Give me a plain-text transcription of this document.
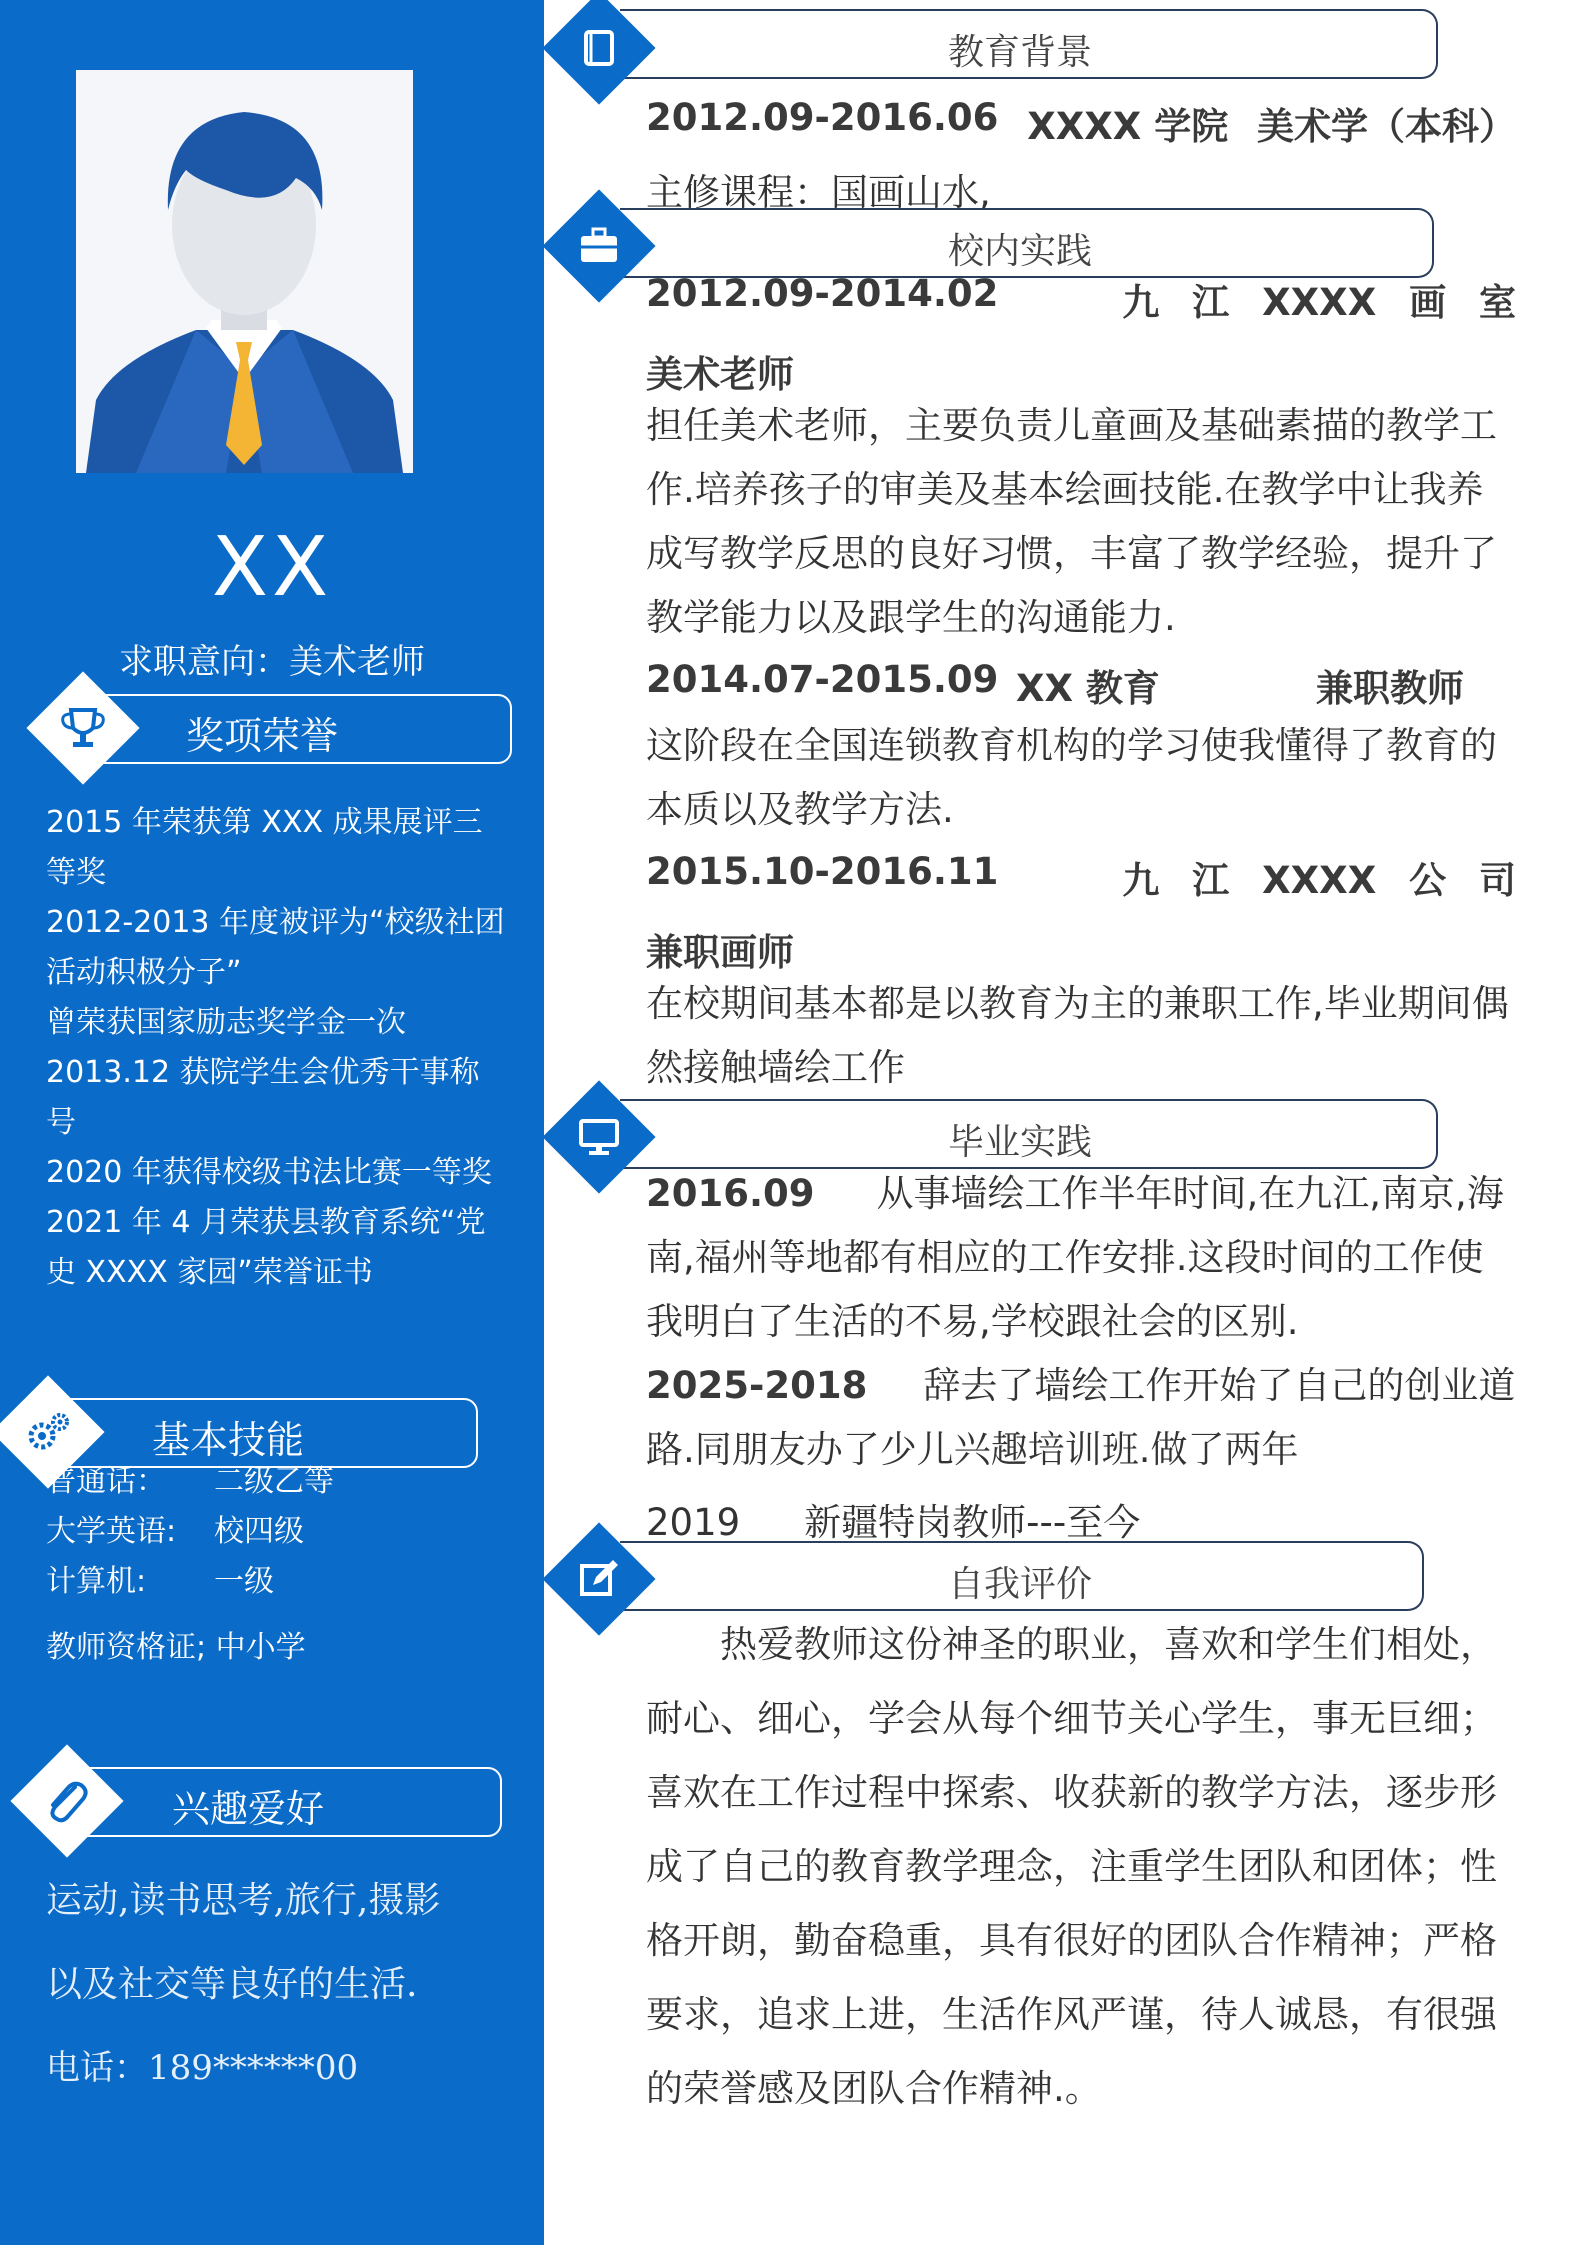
XX
求职意向：美术老师
奖项荣誉
2015 年荣获第 XXX 成果展评三等奖
2012-2013 年度被评为“校级社团活动积极分子”
曾荣获国家励志奖学金一次
2013.12 获院学生会优秀干事称号
2020 年获得校级书法比赛一等奖
2021 年 4 月荣获县教育系统“党史 XXXX 家园”荣誉证书
基本技能
普通话： 二级乙等
大学英语: 校四级
计算机: 一级
教师资格证; 中小学
兴趣爱好
运动,读书思考,旅行,摄影
以及社交等良好的生活.
电话：189******00
教育背景
2012.09-2016.06 XXXX 学院 美术学（本科）
主修课程：国画山水,
校内实践
2012.09-2014.02	九 江 XXXX 画 室
美术老师
担任美术老师，主要负责儿童画及基础素描的教学工作.培养孩子的审美及基本绘画技能.在教学中让我养成写教学反思的良好习惯，丰富了教学经验，提升了教学能力以及跟学生的沟通能力.
2014.07-2015.09 XX 教育	兼职教师
这阶段在全国连锁教育机构的学习使我懂得了教育的本质以及教学方法.
2015.10-2016.11	九 江 XXXX 公 司
兼职画师
在校期间基本都是以教育为主的兼职工作,毕业期间偶然接触墙绘工作
毕业实践
2016.09 从事墙绘工作半年时间,在九江,南京,海南,福州等地都有相应的工作安排.这段时间的工作使我明白了生活的不易,学校跟社会的区别.
2025-2018 辞去了墙绘工作开始了自己的创业道路.同朋友办了少儿兴趣培训班.做了两年
2019 新疆特岗教师---至今
自我评价
热爱教师这份神圣的职业，喜欢和学生们相处，耐心、细心，学会从每个细节关心学生，事无巨细；喜欢在工作过程中探索、收获新的教学方法，逐步形成了自己的教育教学理念，注重学生团队和团体；性格开朗，勤奋稳重，具有很好的团队合作精神；严格要求，追求上进，生活作风严谨，待人诚恳，有很强的荣誉感及团队合作精神.。
